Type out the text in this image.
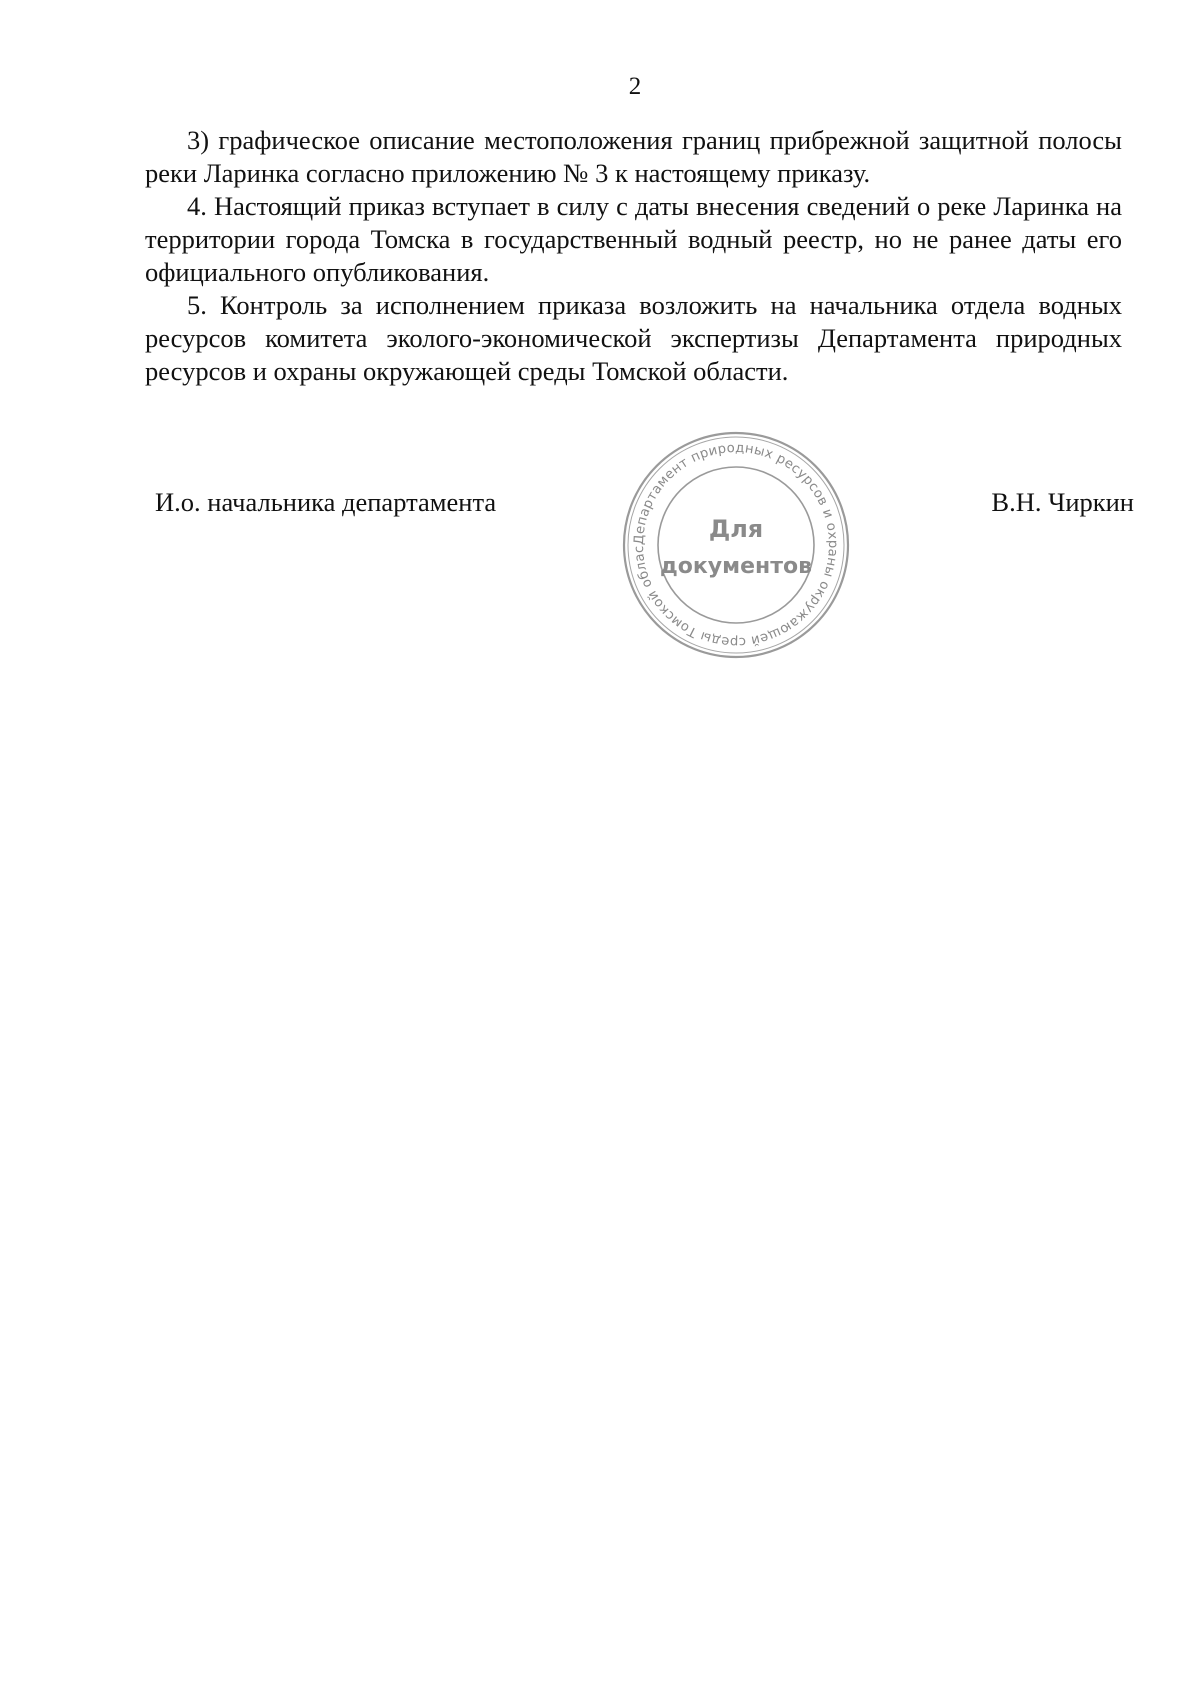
2

3) графическое описание местоположения границ прибрежной защитной полосы реки Ларинка согласно приложению № 3 к настоящему приказу.

4. Настоящий приказ вступает в силу с даты внесения сведений о реке Ларинка на территории города Томска в государственный водный реестр, но не ранее даты его официального опубликования.

5. Контроль за исполнением приказа возложить на начальника отдела водных ресурсов комитета эколого-экономической экспертизы Департамента природных ресурсов и охраны окружающей среды Томской области.

И.о. начальника департамента
Департамент природных ресурсов и охраны окружающей среды Томской области * 1 *
Для
документов
В.Н. Чиркин
